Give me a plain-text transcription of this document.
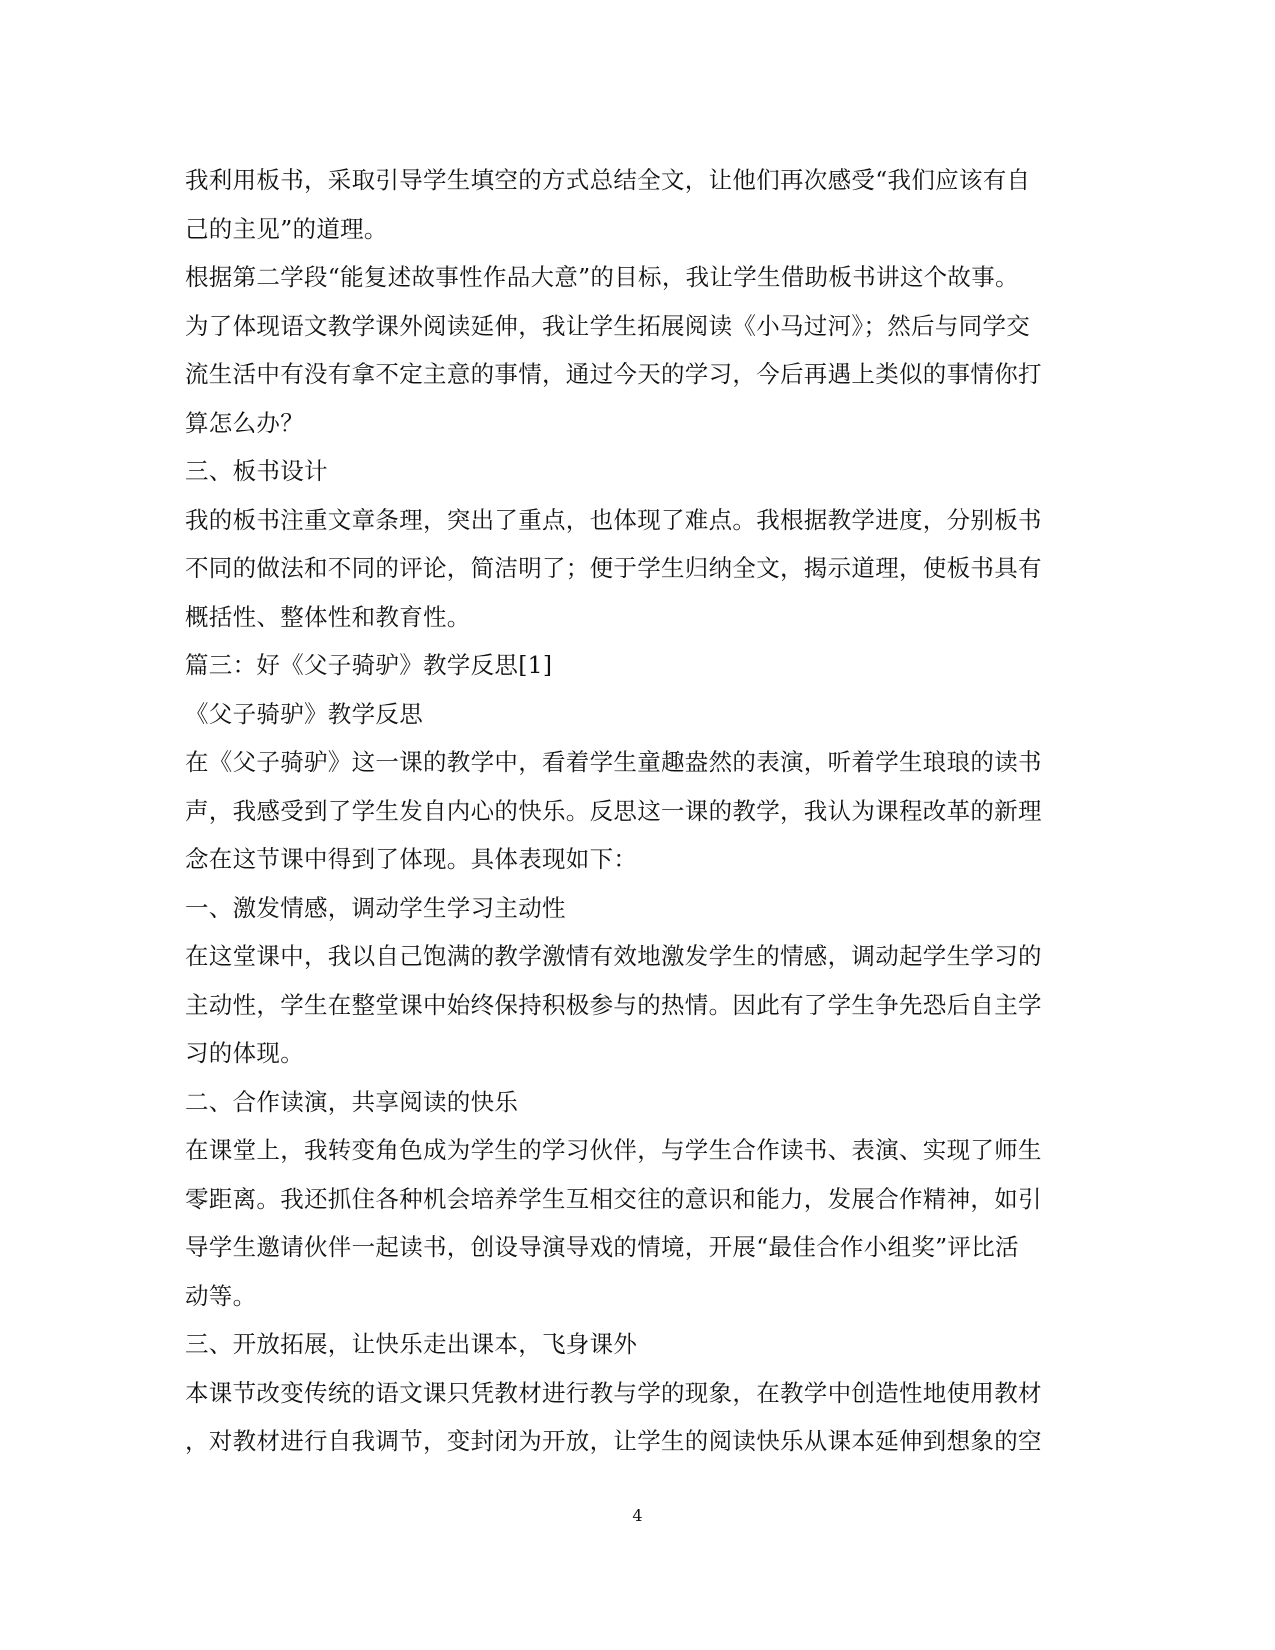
我利用板书，采取引导学生填空的方式总结全文，让他们再次感受“我们应该有自
己的主见”的道理。
根据第二学段“能复述故事性作品大意”的目标，我让学生借助板书讲这个故事。
为了体现语文教学课外阅读延伸，我让学生拓展阅读《小马过河》；然后与同学交
流生活中有没有拿不定主意的事情，通过今天的学习，今后再遇上类似的事情你打
算怎么办？
三、板书设计
我的板书注重文章条理，突出了重点，也体现了难点。我根据教学进度，分别板书
不同的做法和不同的评论，简洁明了；便于学生归纳全文，揭示道理，使板书具有
概括性、整体性和教育性。
篇三：好《父子骑驴》教学反思[1]
《父子骑驴》教学反思
在《父子骑驴》这一课的教学中，看着学生童趣盎然的表演，听着学生琅琅的读书
声，我感受到了学生发自内心的快乐。反思这一课的教学，我认为课程改革的新理
念在这节课中得到了体现。具体表现如下：
一、激发情感，调动学生学习主动性
在这堂课中，我以自己饱满的教学激情有效地激发学生的情感，调动起学生学习的
主动性，学生在整堂课中始终保持积极参与的热情。因此有了学生争先恐后自主学
习的体现。
二、合作读演，共享阅读的快乐
在课堂上，我转变角色成为学生的学习伙伴，与学生合作读书、表演、实现了师生
零距离。我还抓住各种机会培养学生互相交往的意识和能力，发展合作精神，如引
导学生邀请伙伴一起读书，创设导演导戏的情境，开展“最佳合作小组奖”评比活
动等。
三、开放拓展，让快乐走出课本，飞身课外
本课节改变传统的语文课只凭教材进行教与学的现象，在教学中创造性地使用教材
，对教材进行自我调节，变封闭为开放，让学生的阅读快乐从课本延伸到想象的空
4
